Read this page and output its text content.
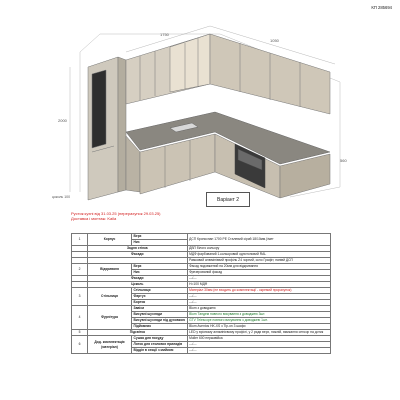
КП 285694
1750
1050
2000
цоколь 100
560
Варіант 2
Рустик кухні від 31.03.25 (перерахунок 29.03.25)
Доставка і монтаж: Kaila
1	Корпус	Верх	ДСП Кроноспан 1700 PE Сталевий сірий 18/10мм.)/мет
		Низ	
	Задня стінка		ДВП білого кольору
	Фасади		МДФ фарбований 1-кольоровий однотоновий RAL
			Рамковий алюмінієвий профіль Z4 чорний, скло Графіт, напівй ДСП
2	Відкриваня	Верх	Фасад подовжений на 20мм для відкривання
		Низ	Фрезерований фасад
	Фасади		---/---
	Цоколь		Н=100 МДФ
3	Стільниця	Стільниця	Матеріал 30мм (не входить до комплектації - окремий прорахунок)
		Фартух	---/---
		Бортик	---/---
4	Фурнітура	Завіси	Blum з доводжею
		Висувні шухляди	Blum Тандем повного висування з доводжею 3шт.
		Висувні шухляди під духовкою	GTV Telescope повного висування з доводжею 1шт.
		Підйомник	Blum Aventos HK-XS з Tip-on 3 шафи
5	Підсвітка		LED у врізному алюмінієвому профілі, у 2 ряди верх, нижній, вмикання сенсор на дотик
6	Дод. комплектація (матеріал)	Сушка для посуду	Muller 600 нержавійка
		Лоток для столових приладів	---/---
		Відділ в секції з мийкою	---/---
